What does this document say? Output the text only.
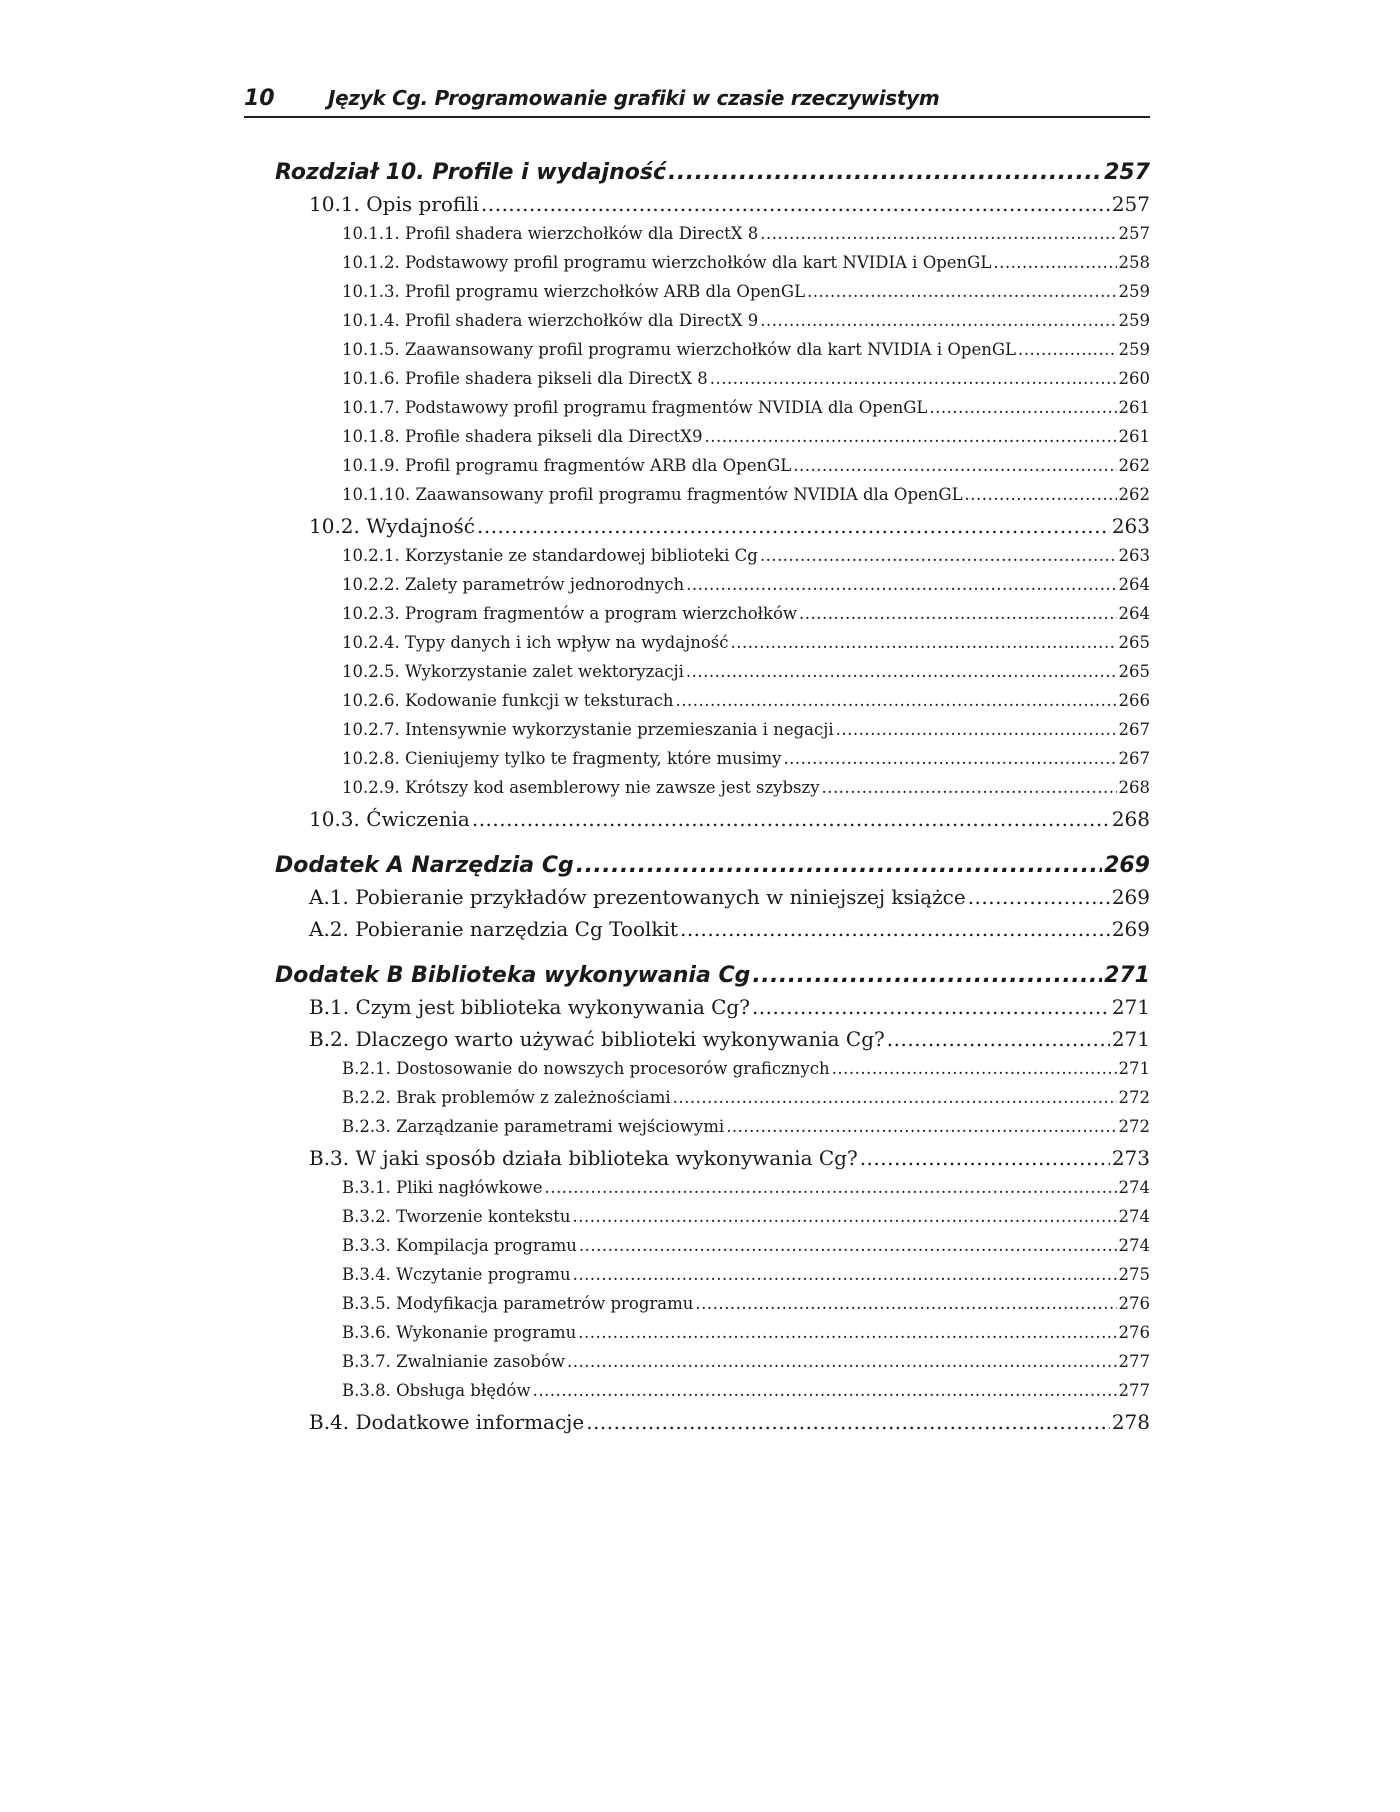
10	Język Cg. Programowanie grafiki w czasie rzeczywistym
Rozdział 10. Profile i wydajność .....	257
10.1. Opis profili .....	257
10.1.1. Profil shadera wierzchołków dla DirectX 8 .....	257
10.1.2. Podstawowy profil programu wierzchołków dla kart NVIDIA i OpenGL .....	258
10.1.3. Profil programu wierzchołków ARB dla OpenGL .....	259
10.1.4. Profil shadera wierzchołków dla DirectX 9 .....	259
10.1.5. Zaawansowany profil programu wierzchołków dla kart NVIDIA i OpenGL .....	259
10.1.6. Profile shadera pikseli dla DirectX 8 .....	260
10.1.7. Podstawowy profil programu fragmentów NVIDIA dla OpenGL .....	261
10.1.8. Profile shadera pikseli dla DirectX9 .....	261
10.1.9. Profil programu fragmentów ARB dla OpenGL .....	262
10.1.10. Zaawansowany profil programu fragmentów NVIDIA dla OpenGL .....	262
10.2. Wydajność .....	263
10.2.1. Korzystanie ze standardowej biblioteki Cg .....	263
10.2.2. Zalety parametrów jednorodnych .....	264
10.2.3. Program fragmentów a program wierzchołków .....	264
10.2.4. Typy danych i ich wpływ na wydajność .....	265
10.2.5. Wykorzystanie zalet wektoryzacji .....	265
10.2.6. Kodowanie funkcji w teksturach .....	266
10.2.7. Intensywnie wykorzystanie przemieszania i negacji .....	267
10.2.8. Cieniujemy tylko te fragmenty, które musimy .....	267
10.2.9. Krótszy kod asemblerowy nie zawsze jest szybszy .....	268
10.3. Ćwiczenia .....	268
Dodatek A Narzędzia Cg .....	269
A.1. Pobieranie przykładów prezentowanych w niniejszej książce .....	269
A.2. Pobieranie narzędzia Cg Toolkit .....	269
Dodatek B Biblioteka wykonywania Cg .....	271
B.1. Czym jest biblioteka wykonywania Cg? .....	271
B.2. Dlaczego warto używać biblioteki wykonywania Cg? .....	271
B.2.1. Dostosowanie do nowszych procesorów graficznych .....	271
B.2.2. Brak problemów z zależnościami .....	272
B.2.3. Zarządzanie parametrami wejściowymi .....	272
B.3. W jaki sposób działa biblioteka wykonywania Cg? .....	273
B.3.1. Pliki nagłówkowe .....	274
B.3.2. Tworzenie kontekstu .....	274
B.3.3. Kompilacja programu .....	274
B.3.4. Wczytanie programu .....	275
B.3.5. Modyfikacja parametrów programu .....	276
B.3.6. Wykonanie programu .....	276
B.3.7. Zwalnianie zasobów .....	277
B.3.8. Obsługa błędów .....	277
B.4. Dodatkowe informacje .....	278
